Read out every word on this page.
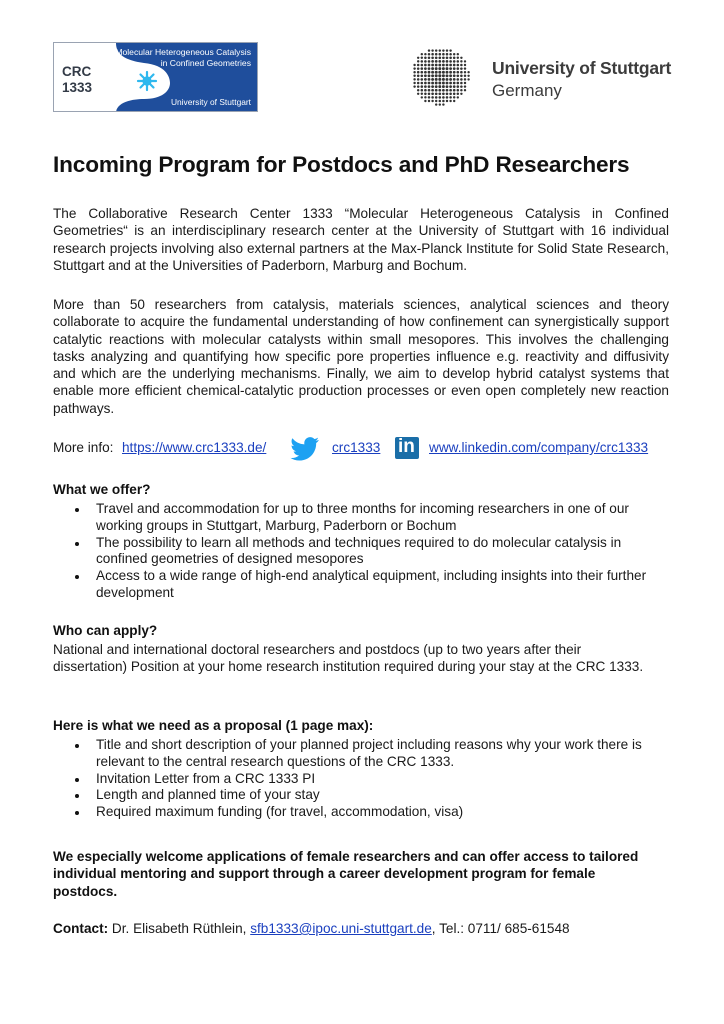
Molecular Heterogeneous Catalysis
in Confined Geometries
CRC
1333
University of Stuttgart
University of Stuttgart
Germany
Incoming Program for Postdocs and PhD Researchers
The Collaborative Research Center 1333 “Molecular Heterogeneous Catalysis in Confined Geometries“ is an interdisciplinary research center at the University of Stuttgart with 16 individual research projects involving also external partners at the Max-Planck Institute for Solid State Research, Stuttgart and at the Universities of Paderborn, Marburg and Bochum.
More than 50 researchers from catalysis, materials sciences, analytical sciences and theory collaborate to acquire the fundamental understanding of how confinement can synergistically support catalytic reactions with molecular catalysts within small mesopores. This involves the challenging tasks analyzing and quantifying how specific pore properties influence e.g. reactivity and diffusivity and which are the underlying mechanisms. Finally, we aim to develop hybrid catalyst systems that enable more efficient chemical-catalytic production processes or even open completely new reaction pathways.
More info: https://www.crc1333.de/	crc1333 in www.linkedin.com/company/crc1333
What we offer?
Travel and accommodation for up to three months for incoming researchers in one of our working groups in Stuttgart, Marburg, Paderborn or Bochum
The possibility to learn all methods and techniques required to do molecular catalysis in confined geometries of designed mesopores
Access to a wide range of high-end analytical equipment, including insights into their further development
Who can apply?
National and international doctoral researchers and postdocs (up to two years after their dissertation) Position at your home research institution required during your stay at the CRC 1333.
Here is what we need as a proposal (1 page max):
Title and short description of your planned project including reasons why your work there is relevant to the central research questions of the CRC 1333.
Invitation Letter from a CRC 1333 PI
Length and planned time of your stay
Required maximum funding (for travel, accommodation, visa)
We especially welcome applications of female researchers and can offer access to tailored individual mentoring and support through a career development program for female postdocs.
Contact: Dr. Elisabeth Rüthlein, sfb1333@ipoc.uni-stuttgart.de, Tel.: 0711/ 685-61548
